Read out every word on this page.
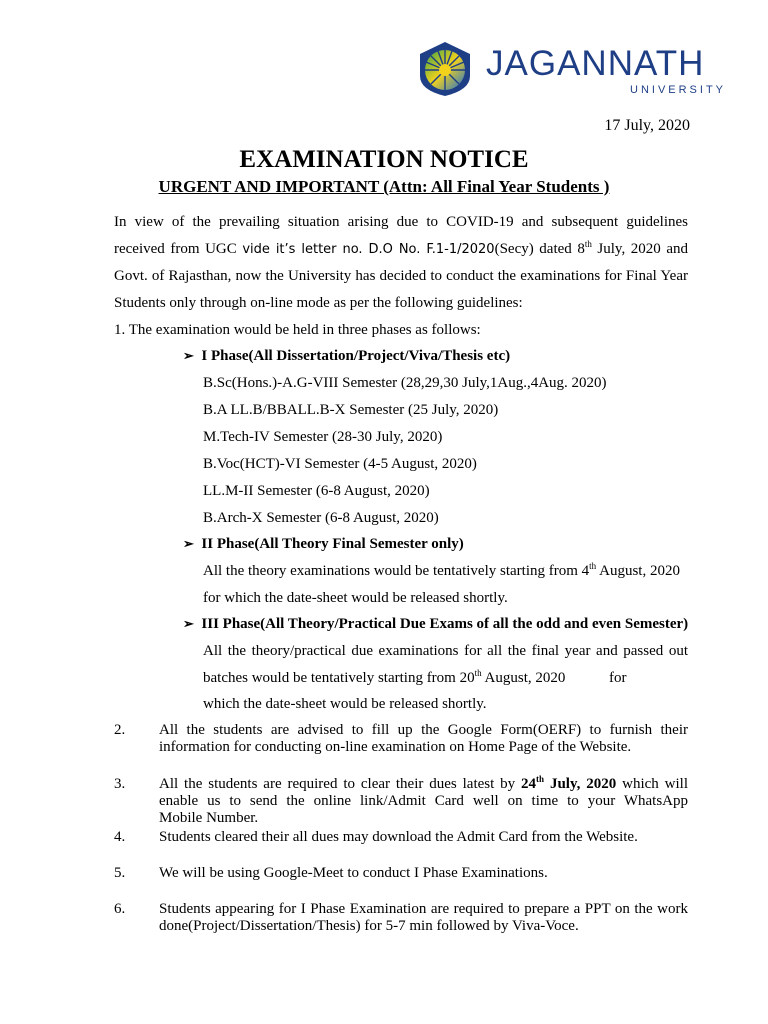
JAGANNATH
UNIVERSITY
17 July, 2020
EXAMINATION NOTICE
URGENT AND IMPORTANT (Attn: All Final Year Students )
In view of the prevailing situation arising due to COVID-19 and subsequent guidelines
received from UGC vide it’s letter no. D.O No. F.1-1/2020(Secy) dated 8th July, 2020 and
Govt. of Rajasthan, now the University has decided to conduct the examinations for Final Year
Students only through on-line mode as per the following guidelines:
1. The examination would be held in three phases as follows:
➢ I Phase(All Dissertation/Project/Viva/Thesis etc)
B.Sc(Hons.)-A.G-VIII Semester (28,29,30 July,1Aug.,4Aug. 2020)
B.A LL.B/BBALL.B-X Semester (25 July, 2020)
M.Tech-IV Semester (28-30 July, 2020)
B.Voc(HCT)-VI Semester (4-5 August, 2020)
LL.M-II Semester (6-8 August, 2020)
B.Arch-X Semester (6-8 August, 2020)
➢ II Phase(All Theory Final Semester only)
All the theory examinations would be tentatively starting from 4th August, 2020
for which the date-sheet would be released shortly.
➢ III Phase(All Theory/Practical Due Exams of all the odd and even Semester)
All the theory/practical due examinations for all the final year and passed out
batches would be tentatively starting from 20th August, 2020	for
which the date-sheet would be released shortly.
2. All the students are advised to fill up the Google Form(OERF) to furnish their
information for conducting on-line examination on Home Page of the Website.
3. All the students are required to clear their dues latest by 24th July, 2020 which will
enable us to send the online link/Admit Card well on time to your WhatsApp
Mobile Number.
4. Students cleared their all dues may download the Admit Card from the Website.
5. We will be using Google-Meet to conduct I Phase Examinations.
6. Students appearing for I Phase Examination are required to prepare a PPT on the work
done(Project/Dissertation/Thesis) for 5-7 min followed by Viva-Voce.
